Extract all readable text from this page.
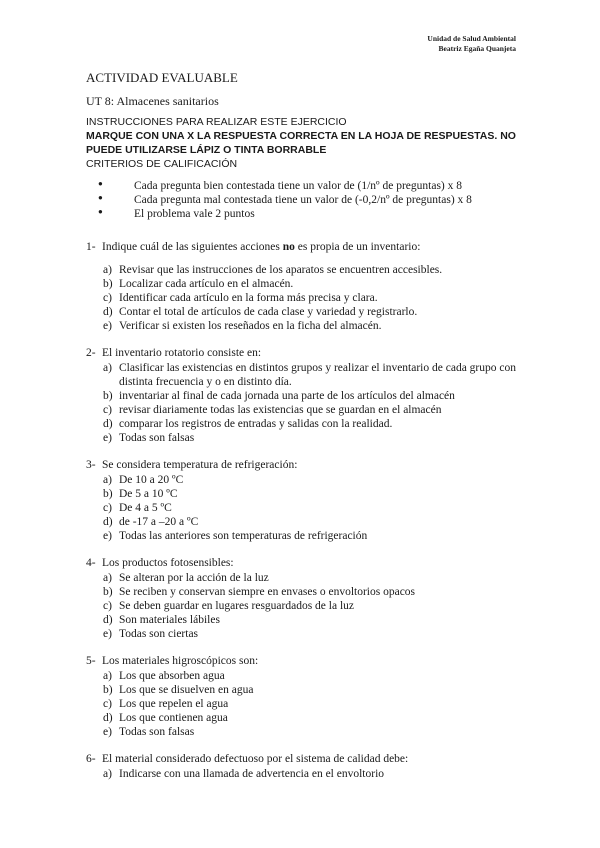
Unidad de Salud Ambiental
Beatriz Egaña Quanjeta
ACTIVIDAD EVALUABLE
UT 8: Almacenes sanitarios
INSTRUCCIONES PARA REALIZAR ESTE EJERCICIO
MARQUE CON UNA X LA RESPUESTA CORRECTA EN LA HOJA DE RESPUESTAS. NO
PUEDE UTILIZARSE LÁPIZ O TINTA BORRABLE
CRITERIOS DE CALIFICACIÓN
●	Cada pregunta bien contestada tiene un valor de (1/nº de preguntas) x 8
●	Cada pregunta mal contestada tiene un valor de (-0,2/nº de preguntas) x 8
●	El problema vale 2 puntos
1- Indique cuál de las siguientes acciones no es propia de un inventario:
a) Revisar que las instrucciones de los aparatos se encuentren accesibles.
b) Localizar cada artículo en el almacén.
c) Identificar cada artículo en la forma más precisa y clara.
d) Contar el total de artículos de cada clase y variedad y registrarlo.
e) Verificar si existen los reseñados en la ficha del almacén.
2- El inventario rotatorio consiste en:
a) Clasificar las existencias en distintos grupos y realizar el inventario de cada grupo con distinta frecuencia y o en distinto día.
b) inventariar al final de cada jornada una parte de los artículos del almacén
c) revisar diariamente todas las existencias que se guardan en el almacén
d) comparar los registros de entradas y salidas con la realidad.
e) Todas son falsas
3- Se considera temperatura de refrigeración:
a) De 10 a 20 ºC
b) De 5 a 10 ºC
c) De 4 a 5 ºC
d) de -17 a –20 a ºC
e) Todas las anteriores son temperaturas de refrigeración
4- Los productos fotosensibles:
a) Se alteran por la acción de la luz
b) Se reciben y conservan siempre en envases o envoltorios opacos
c) Se deben guardar en lugares resguardados de la luz
d) Son materiales lábiles
e) Todas son ciertas
5- Los materiales higroscópicos son:
a) Los que absorben agua
b) Los que se disuelven en agua
c) Los que repelen el agua
d) Los que contienen agua
e) Todas son falsas
6- El material considerado defectuoso por el sistema de calidad debe:
a) Indicarse con una llamada de advertencia en el envoltorio
